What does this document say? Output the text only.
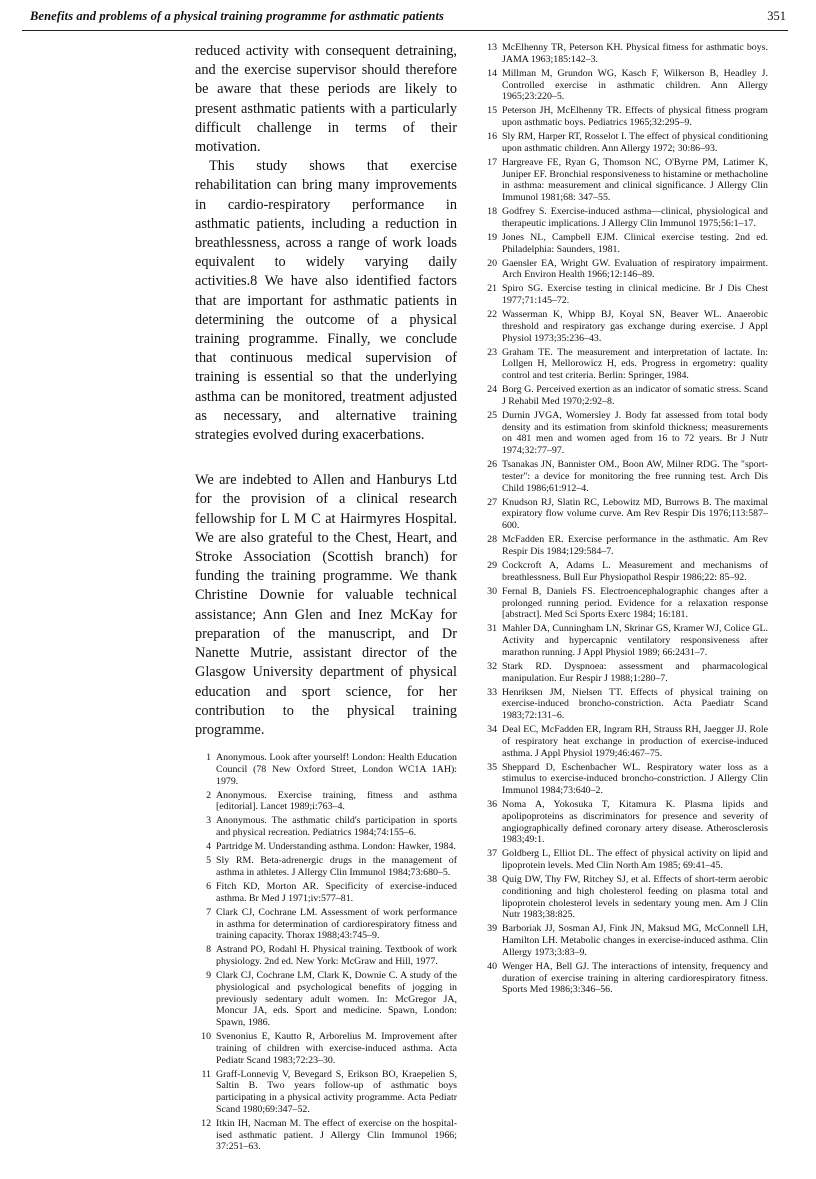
Benefits and problems of a physical training programme for asthmatic patients	351

reduced activity with consequent detraining, and the exercise supervisor should therefore be aware that these periods are likely to present asthmatic patients with a particularly difficult challenge in terms of their motivation.

This study shows that exercise rehabilitation can bring many improvements in cardio-respiratory performance in asthmatic patients, including a reduction in breathlessness, across a range of work loads equivalent to widely varying daily activities.8 We have also identified factors that are important for asthmatic patients in determining the outcome of a physical training programme. Finally, we conclude that continuous medical supervision of training is essential so that the underlying asthma can be monitored, treatment adjusted as necessary, and alternative training strategies evolved during exacerbations.

We are indebted to Allen and Hanburys Ltd for the provision of a clinical research fellowship for L M C at Hairmyres Hospital. We are also grateful to the Chest, Heart, and Stroke Association (Scottish branch) for funding the training programme. We thank Christine Downie for valuable technical assistance; Ann Glen and Inez McKay for preparation of the manuscript, and Dr Nanette Mutrie, assistant director of the Glasgow University department of physical education and sport science, for her contribution to the physical training programme.

1 Anonymous. Look after yourself! London: Health Education Council (78 New Oxford Street, London WC1A 1AH): 1979.
2 Anonymous. Exercise training, fitness and asthma [editorial]. Lancet 1989;i:763–4.
3 Anonymous. The asthmatic child's participation in sports and physical recreation. Pediatrics 1984;74:155–6.
4 Partridge M. Understanding asthma. London: Hawker, 1984.
5 Sly RM. Beta-adrenergic drugs in the management of asthma in athletes. J Allergy Clin Immunol 1984;73:680–5.
6 Fitch KD, Morton AR. Specificity of exercise-induced asthma. Br Med J 1971;iv:577–81.
7 Clark CJ, Cochrane LM. Assessment of work performance in asthma for determination of cardiorespiratory fitness and training capacity. Thorax 1988;43:745–9.
8 Astrand PO, Rodahl H. Physical training. Textbook of work physiology. 2nd ed. New York: McGraw and Hill, 1977.
9 Clark CJ, Cochrane LM, Clark K, Downie C. A study of the physiological and psychological benefits of jogging in previously sedentary adult women. In: McGregor JA, Moncur JA, eds. Sport and medicine. Spawn, London: Spawn, 1986.
10 Svenonius E, Kautto R, Arborelius M. Improvement after training of children with exercise-induced asthma. Acta Pediatr Scand 1983;72:23–30.
11 Graff-Lonnevig V, Bevegard S, Erikson BO, Kraepelien S, Saltin B. Two years follow-up of asthmatic boys participating in a physical activity programme. Acta Pediatr Scand 1980;69:347–52.
12 Itkin IH, Nacman M. The effect of exercise on the hospital-ised asthmatic patient. J Allergy Clin Immunol 1966; 37:251–63.
13 McElhenny TR, Peterson KH. Physical fitness for asthmatic boys. JAMA 1963;185:142–3.
14 Millman M, Grundon WG, Kasch F, Wilkerson B, Headley J. Controlled exercise in asthmatic children. Ann Allergy 1965;23:220–5.
15 Peterson JH, McElhenny TR. Effects of physical fitness program upon asthmatic boys. Pediatrics 1965;32:295–9.
16 Sly RM, Harper RT, Rosselot I. The effect of physical conditioning upon asthmatic children. Ann Allergy 1972; 30:86–93.
17 Hargreave FE, Ryan G, Thomson NC, O'Byrne PM, Latimer K, Juniper EF. Bronchial responsiveness to histamine or methacholine in asthma: measurement and clinical significance. J Allergy Clin Immunol 1981;68: 347–55.
18 Godfrey S. Exercise-induced asthma—clinical, physiological and therapeutic implications. J Allergy Clin Immunol 1975;56:1–17.
19 Jones NL, Campbell EJM. Clinical exercise testing. 2nd ed. Philadelphia: Saunders, 1981.
20 Gaensler EA, Wright GW. Evaluation of respiratory impairment. Arch Environ Health 1966;12:146–89.
21 Spiro SG. Exercise testing in clinical medicine. Br J Dis Chest 1977;71:145–72.
22 Wasserman K, Whipp BJ, Koyal SN, Beaver WL. Anaerobic threshold and respiratory gas exchange during exercise. J Appl Physiol 1973;35:236–43.
23 Graham TE. The measurement and interpretation of lactate. In: Lollgen H, Mellorowicz H, eds. Progress in ergometry: quality control and test criteria. Berlin: Springer, 1984.
24 Borg G. Perceived exertion as an indicator of somatic stress. Scand J Rehabil Med 1970;2:92–8.
25 Durnin JVGA, Womersley J. Body fat assessed from total body density and its estimation from skinfold thickness; measurements on 481 men and women aged from 16 to 72 years. Br J Nutr 1974;32:77–97.
26 Tsanakas JN, Bannister OM., Boon AW, Milner RDG. The "sport-tester": a device for monitoring the free running test. Arch Dis Child 1986;61:912–4.
27 Knudson RJ, Slatin RC, Lebowitz MD, Burrows B. The maximal expiratory flow volume curve. Am Rev Respir Dis 1976;113:587–600.
28 McFadden ER. Exercise performance in the asthmatic. Am Rev Respir Dis 1984;129:584–7.
29 Cockcroft A, Adams L. Measurement and mechanisms of breathlessness. Bull Eur Physiopathol Respir 1986;22: 85–92.
30 Fernal B, Daniels FS. Electroencephalographic changes after a prolonged running period. Evidence for a relaxation response [abstract]. Med Sci Sports Exerc 1984; 16:181.
31 Mahler DA, Cunningham LN, Skrinar GS, Kramer WJ, Colice GL. Activity and hypercapnic ventilatory responsiveness after marathon running. J Appl Physiol 1989; 66:2431–7.
32 Stark RD. Dyspnoea: assessment and pharmacological manipulation. Eur Respir J 1988;1:280–7.
33 Henriksen JM, Nielsen TT. Effects of physical training on exercise-induced broncho-constriction. Acta Paediatr Scand 1983;72:131–6.
34 Deal EC, McFadden ER, Ingram RH, Strauss RH, Jaegger JJ. Role of respiratory heat exchange in production of exercise-induced asthma. J Appl Physiol 1979;46:467–75.
35 Sheppard D, Eschenbacher WL. Respiratory water loss as a stimulus to exercise-induced broncho-constriction. J Allergy Clin Immunol 1984;73:640–2.
36 Noma A, Yokosuka T, Kitamura K. Plasma lipids and apolipoproteins as discriminators for presence and severity of angiographically defined coronary artery disease. Atherosclerosis 1983;49:1.
37 Goldberg L, Elliot DL. The effect of physical activity on lipid and lipoprotein levels. Med Clin North Am 1985; 69:41–45.
38 Quig DW, Thy FW, Ritchey SJ, et al. Effects of short-term aerobic conditioning and high cholesterol feeding on plasma total and lipoprotein cholesterol levels in sedentary young men. Am J Clin Nutr 1983;38:825.
39 Barboriak JJ, Sosman AJ, Fink JN, Maksud MG, McConnell LH, Hamilton LH. Metabolic changes in exercise-induced asthma. Clin Allergy 1973;3:83–9.
40 Wenger HA, Bell GJ. The interactions of intensity, frequency and duration of exercise training in altering cardiorespiratory fitness. Sports Med 1986;3:346–56.
